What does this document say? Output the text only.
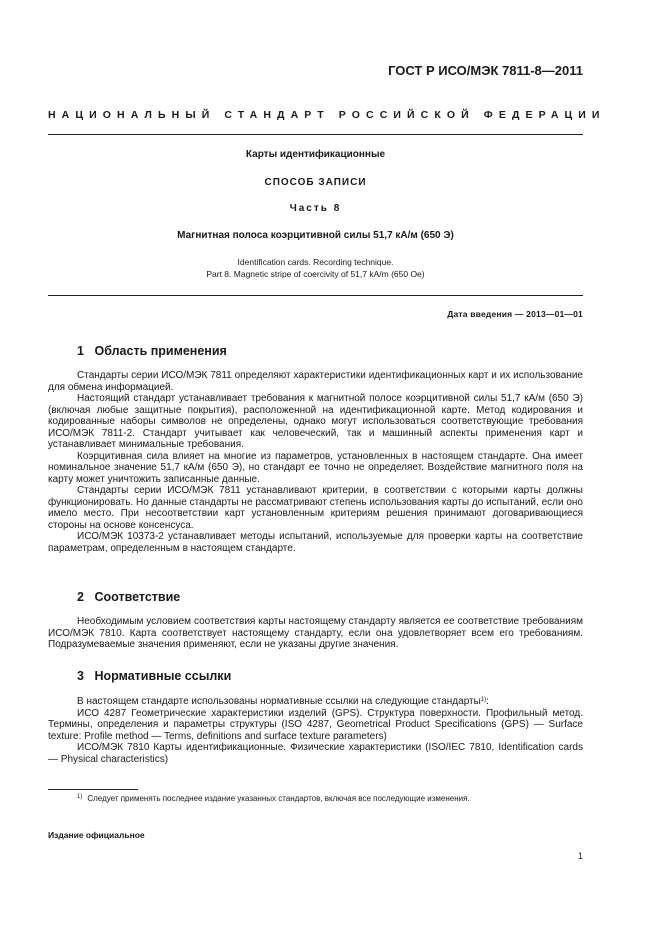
ГОСТ Р ИСО/МЭК 7811-8—2011
НАЦИОНАЛЬНЫЙ СТАНДАРТ РОССИЙСКОЙ ФЕДЕРАЦИИ
Карты идентификационные
СПОСОБ ЗАПИСИ
Часть 8
Магнитная полоса коэрцитивной силы 51,7 кА/м (650 Э)
Identification cards. Recording technique.
Part 8. Magnetic stripe of coercivity of 51,7 kA/m (650 Oe)
Дата введения — 2013—01—01
1 Область применения

Стандарты серии ИСО/МЭК 7811 определяют характеристики идентификационных карт и их использование для обмена информацией.

Настоящий стандарт устанавливает требования к магнитной полосе коэрцитивной силы 51,7 кА/м (650 Э) (включая любые защитные покрытия), расположенной на идентификационной карте. Метод кодирования и кодированные наборы символов не определены, однако могут использоваться соответствующие требования ИСО/МЭК 7811-2. Стандарт учитывает как человеческий, так и машинный аспекты применения карт и устанавливает минимальные требования.

Коэрцитивная сила влияет на многие из параметров, установленных в настоящем стандарте. Она имеет номинальное значение 51,7 кА/м (650 Э), но стандарт ее точно не определяет. Воздействие магнитного поля на карту может уничтожить записанные данные.

Стандарты серии ИСО/МЭК 7811 устанавливают критерии, в соответствии с которыми карты должны функционировать. Но данные стандарты не рассматривают степень использования карты до испытаний, если оно имело место. При несоответствии карт установленным критериям решения принимают договаривающиеся стороны на основе консенсуса.

ИСО/МЭК 10373-2 устанавливает методы испытаний, используемые для проверки карты на соответствие параметрам, определенным в настоящем стандарте.

2 Соответствие

Необходимым условием соответствия карты настоящему стандарту является ее соответствие требованиям ИСО/МЭК 7810. Карта соответствует настоящему стандарту, если она удовлетворяет всем его требованиям. Подразумеваемые значения применяют, если не указаны другие значения.

3 Нормативные ссылки

В настоящем стандарте использованы нормативные ссылки на следующие стандарты$^{1)}$:

ИСО 4287 Геометрические характеристики изделий (GPS). Структура поверхности. Профильный метод. Термины, определения и параметры структуры (ISO 4287, Geometrical Product Specifications (GPS) — Surface texture: Profile method — Terms, definitions and surface texture parameters)

ИСО/МЭК 7810 Карты идентификационные. Физические характеристики (ISO/IEC 7810, Identification cards — Physical characteristics)

$^{1)}$ Следует применять последнее издание указанных стандартов, включая все последующие изменения.
Издание официальное
1
